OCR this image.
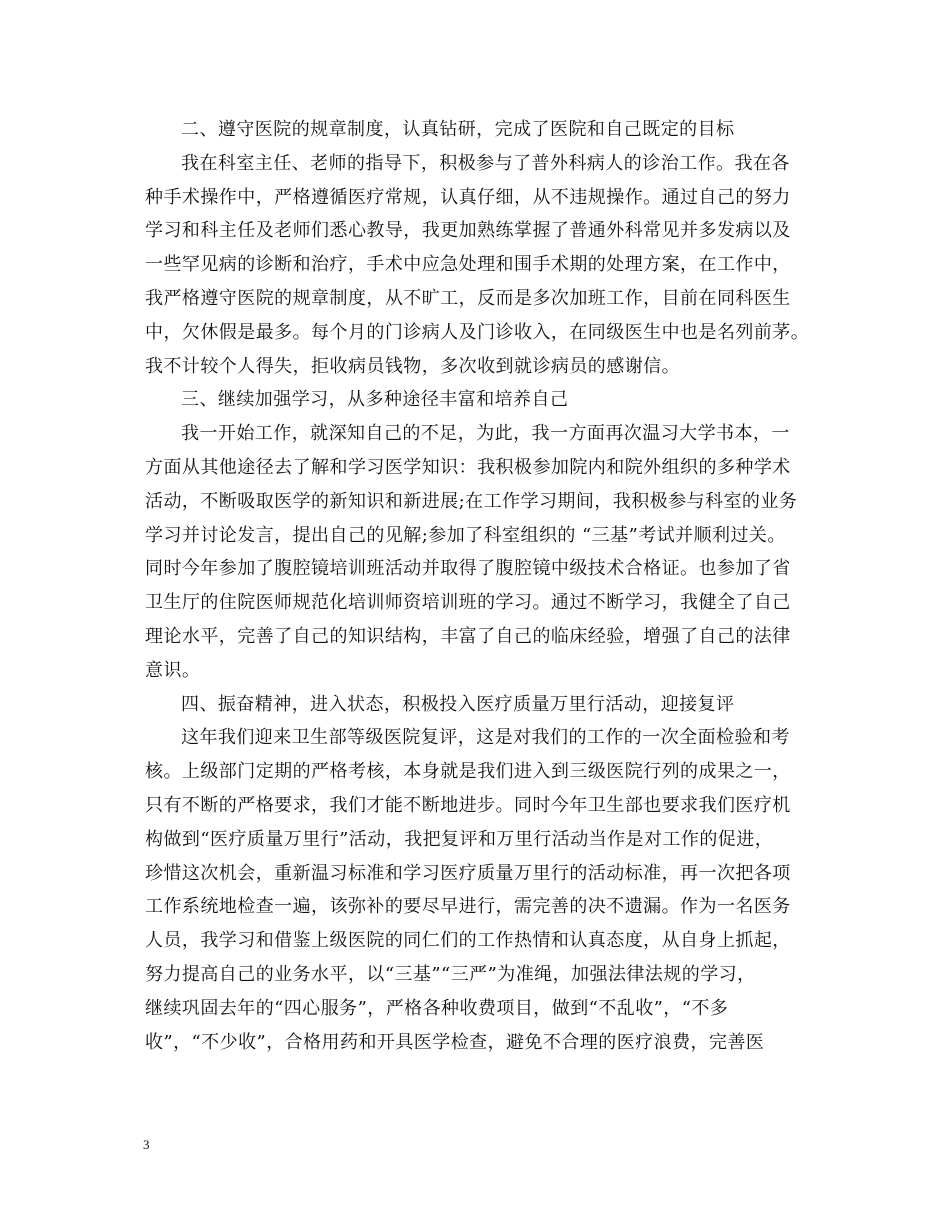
二、遵守医院的规章制度，认真钻研，完成了医院和自己既定的目标
我在科室主任、老师的指导下，积极参与了普外科病人的诊治工作。我在各
种手术操作中，严格遵循医疗常规，认真仔细，从不违规操作。通过自己的努力
学习和科主任及老师们悉心教导，我更加熟练掌握了普通外科常见并多发病以及
一些罕见病的诊断和治疗，手术中应急处理和围手术期的处理方案，在工作中，
我严格遵守医院的规章制度，从不旷工，反而是多次加班工作，目前在同科医生
中，欠休假是最多。每个月的门诊病人及门诊收入，在同级医生中也是名列前茅。
我不计较个人得失，拒收病员钱物，多次收到就诊病员的感谢信。
三、继续加强学习，从多种途径丰富和培养自己
我一开始工作，就深知自己的不足，为此，我一方面再次温习大学书本，一
方面从其他途径去了解和学习医学知识：我积极参加院内和院外组织的多种学术
活动，不断吸取医学的新知识和新进展;在工作学习期间，我积极参与科室的业务
学习并讨论发言，提出自己的见解;参加了科室组织的 “三基”考试并顺利过关。
同时今年参加了腹腔镜培训班活动并取得了腹腔镜中级技术合格证。也参加了省
卫生厅的住院医师规范化培训师资培训班的学习。通过不断学习，我健全了自己
理论水平，完善了自己的知识结构，丰富了自己的临床经验，增强了自己的法律
意识。
四、振奋精神，进入状态，积极投入医疗质量万里行活动，迎接复评
这年我们迎来卫生部等级医院复评，这是对我们的工作的一次全面检验和考
核。上级部门定期的严格考核，本身就是我们进入到三级医院行列的成果之一，
只有不断的严格要求，我们才能不断地进步。同时今年卫生部也要求我们医疗机
构做到“医疗质量万里行”活动，我把复评和万里行活动当作是对工作的促进，
珍惜这次机会，重新温习标准和学习医疗质量万里行的活动标准，再一次把各项
工作系统地检查一遍，该弥补的要尽早进行，需完善的决不遗漏。作为一名医务
人员，我学习和借鉴上级医院的同仁们的工作热情和认真态度，从自身上抓起，
努力提高自己的业务水平，以“三基”“三严”为准绳，加强法律法规的学习，
继续巩固去年的“四心服务”，严格各种收费项目，做到“不乱收”，“不多
收”，“不少收”，合格用药和开具医学检查，避免不合理的医疗浪费，完善医
3
